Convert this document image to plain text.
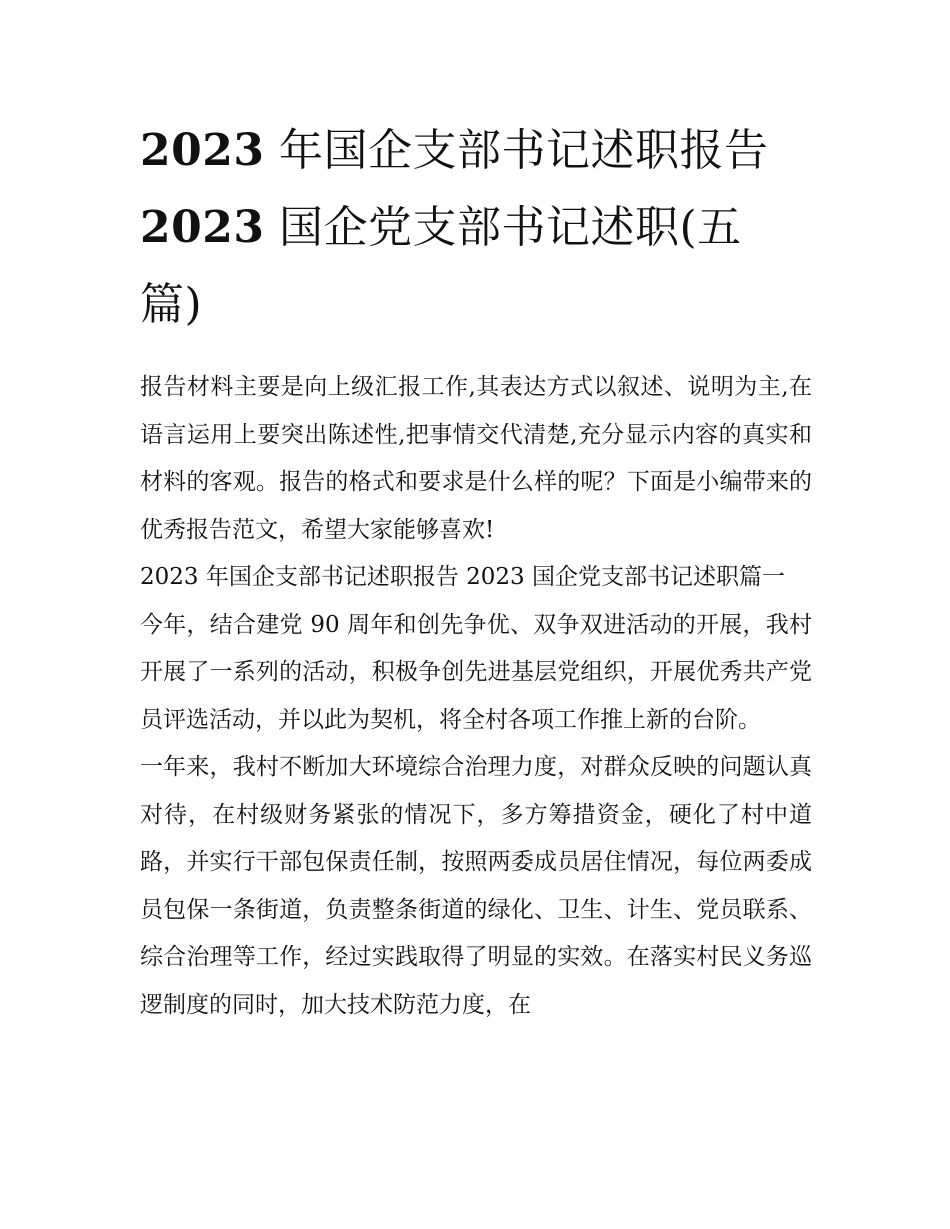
2023 年国企支部书记述职报告
2023 国企党支部书记述职(五
篇)

报告材料主要是向上级汇报工作,其表达方式以叙述、说明为主,在语言运用上要突出陈述性,把事情交代清楚,充分显示内容的真实和材料的客观。报告的格式和要求是什么样的呢？下面是小编带来的优秀报告范文，希望大家能够喜欢!

2023 年国企支部书记述职报告 2023 国企党支部书记述职篇一

今年，结合建党 90 周年和创先争优、双争双进活动的开展，我村开展了一系列的活动，积极争创先进基层党组织，开展优秀共产党员评选活动，并以此为契机，将全村各项工作推上新的台阶。

一年来，我村不断加大环境综合治理力度，对群众反映的问题认真对待，在村级财务紧张的情况下，多方筹措资金，硬化了村中道路，并实行干部包保责任制，按照两委成员居住情况，每位两委成员包保一条街道，负责整条街道的绿化、卫生、计生、党员联系、综合治理等工作，经过实践取得了明显的实效。在落实村民义务巡逻制度的同时，加大技术防范力度，在
